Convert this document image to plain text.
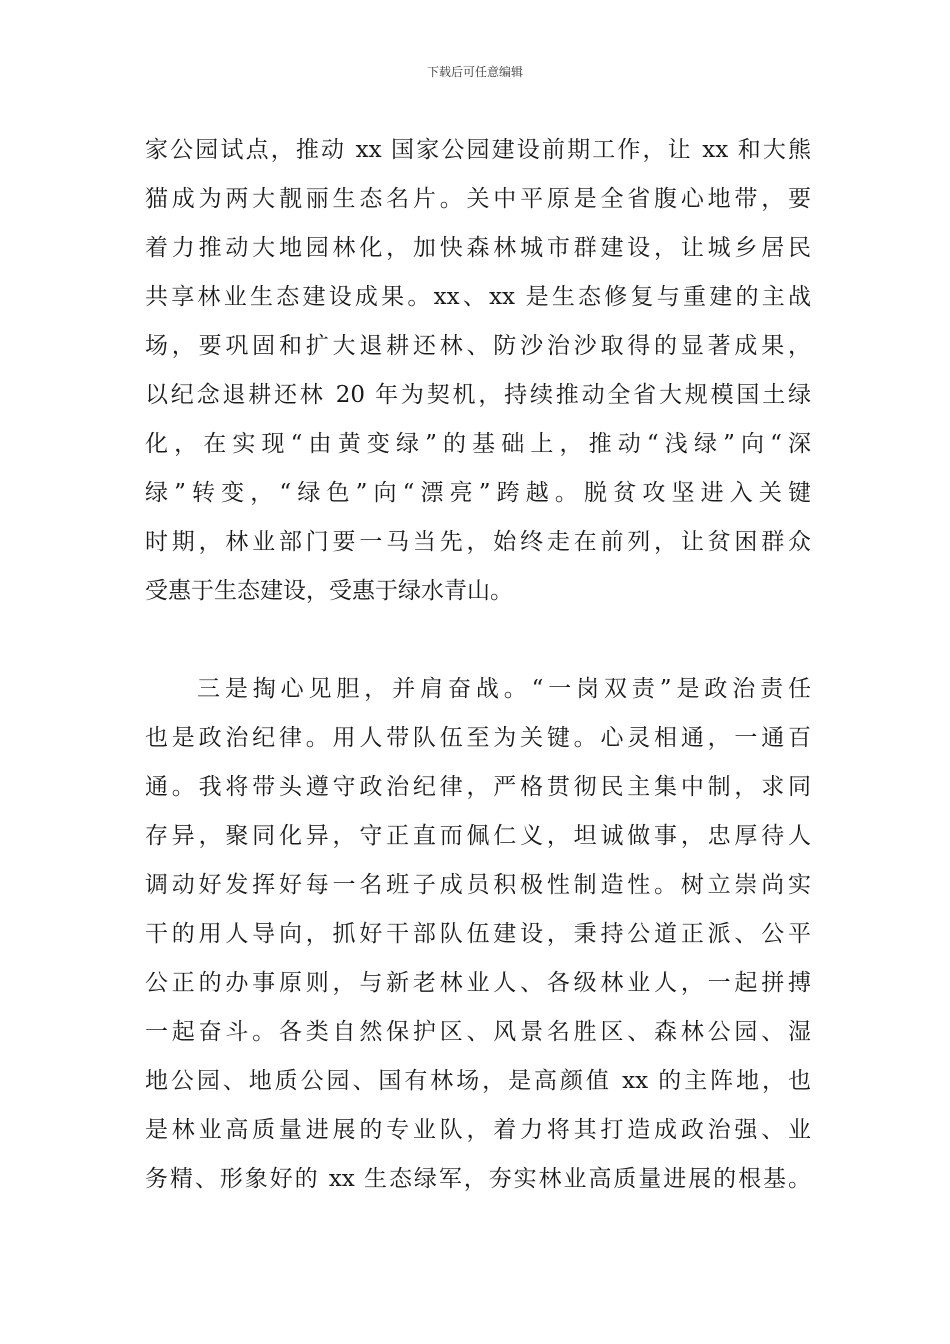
下载后可任意编辑
家公园试点，推动 xx 国家公园建设前期工作，让 xx 和大熊
猫成为两大靓丽生态名片。关中平原是全省腹心地带，要
着力推动大地园林化，加快森林城市群建设，让城乡居民
共享林业生态建设成果。xx、xx 是生态修复与重建的主战
场，要巩固和扩大退耕还林、防沙治沙取得的显著成果，
以纪念退耕还林 20 年为契机，持续推动全省大规模国土绿
化，在实现“由黄变绿”的基础上，推动“浅绿”向“深
绿”转变，“绿色”向“漂亮”跨越。脱贫攻坚进入关键
时期，林业部门要一马当先，始终走在前列，让贫困群众
受惠于生态建设，受惠于绿水青山。
三是掏心见胆，并肩奋战。“一岗双责”是政治责任
也是政治纪律。用人带队伍至为关键。心灵相通，一通百
通。我将带头遵守政治纪律，严格贯彻民主集中制，求同
存异，聚同化异，守正直而佩仁义，坦诚做事，忠厚待人
调动好发挥好每一名班子成员积极性制造性。树立崇尚实
干的用人导向，抓好干部队伍建设，秉持公道正派、公平
公正的办事原则，与新老林业人、各级林业人，一起拼搏
一起奋斗。各类自然保护区、风景名胜区、森林公园、湿
地公园、地质公园、国有林场，是高颜值 xx 的主阵地，也
是林业高质量进展的专业队，着力将其打造成政治强、业
务精、形象好的 xx 生态绿军，夯实林业高质量进展的根基。
